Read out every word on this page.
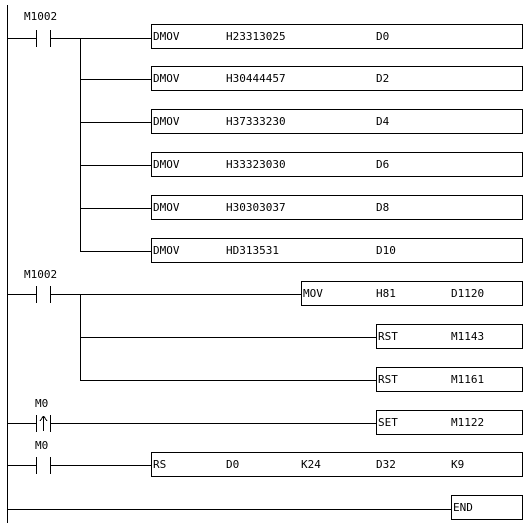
M1002
DMOV	H23313025	D0
DMOV	H30444457	D2
DMOV	H37333230	D4
DMOV	H33323030	D6
DMOV	H30303037	D8
DMOV	HD313531	D10
M1002
MOV	H81	D1120
RST	M1143
RST	M1161
M0
SET	M1122
M0
RS	D0	K24	D32	K9
END
